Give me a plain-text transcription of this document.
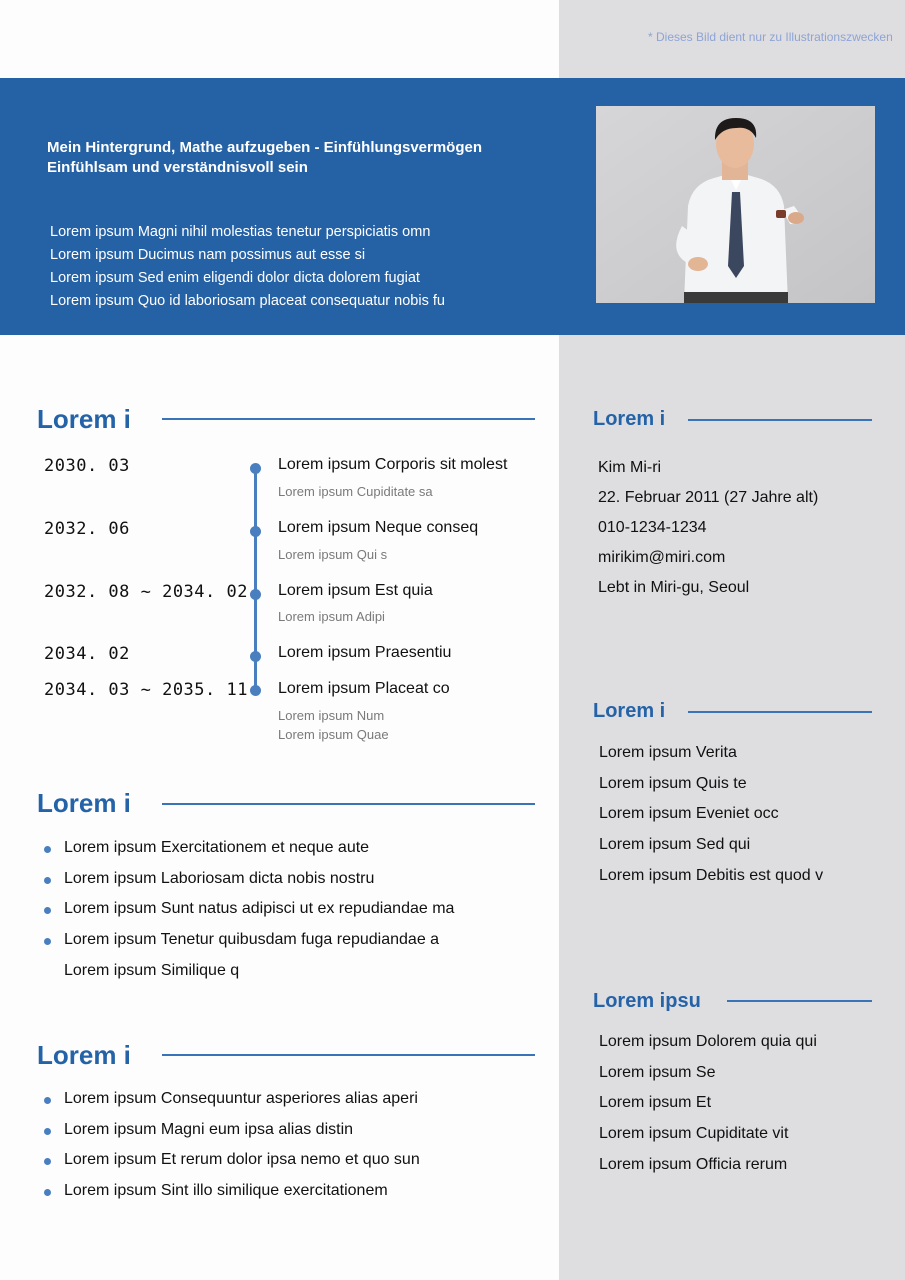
* Dieses Bild dient nur zu Illustrationszwecken
Mein Hintergrund, Mathe aufzugeben - Einfühlungsvermögen
Einfühlsam und verständnisvoll sein
Lorem ipsum Magni nihil molestias tenetur perspiciatis omn
Lorem ipsum Ducimus nam possimus aut esse si
Lorem ipsum Sed enim eligendi dolor dicta dolorem fugiat
Lorem ipsum Quo id laboriosam placeat consequatur nobis fu
Lorem i
2030. 03	Lorem ipsum Corporis sit molest
Lorem ipsum Cupiditate sa
2032. 06	Lorem ipsum Neque conseq
Lorem ipsum Qui s
2032. 08 ~ 2034. 02 Lorem ipsum Est quia
Lorem ipsum Adipi
2034. 02	Lorem ipsum Praesentiu
2034. 03 ~ 2035. 11 Lorem ipsum Placeat co
Lorem ipsum Num
Lorem ipsum Quae
Lorem i
Lorem ipsum Exercitationem et neque aute
Lorem ipsum Laboriosam dicta nobis nostru
Lorem ipsum Sunt natus adipisci ut ex repudiandae ma
Lorem ipsum Tenetur quibusdam fuga repudiandae a
Lorem ipsum Similique q
Lorem i
Lorem ipsum Consequuntur asperiores alias aperi
Lorem ipsum Magni eum ipsa alias distin
Lorem ipsum Et rerum dolor ipsa nemo et quo sun
Lorem ipsum Sint illo similique exercitationem
Lorem i
Kim Mi-ri
22. Februar 2011 (27 Jahre alt)
010-1234-1234
mirikim@miri.com
Lebt in Miri-gu, Seoul
Lorem i
Lorem ipsum Verita
Lorem ipsum Quis te
Lorem ipsum Eveniet occ
Lorem ipsum Sed qui
Lorem ipsum Debitis est quod v
Lorem ipsu
Lorem ipsum Dolorem quia qui
Lorem ipsum Se
Lorem ipsum Et
Lorem ipsum Cupiditate vit
Lorem ipsum Officia rerum
